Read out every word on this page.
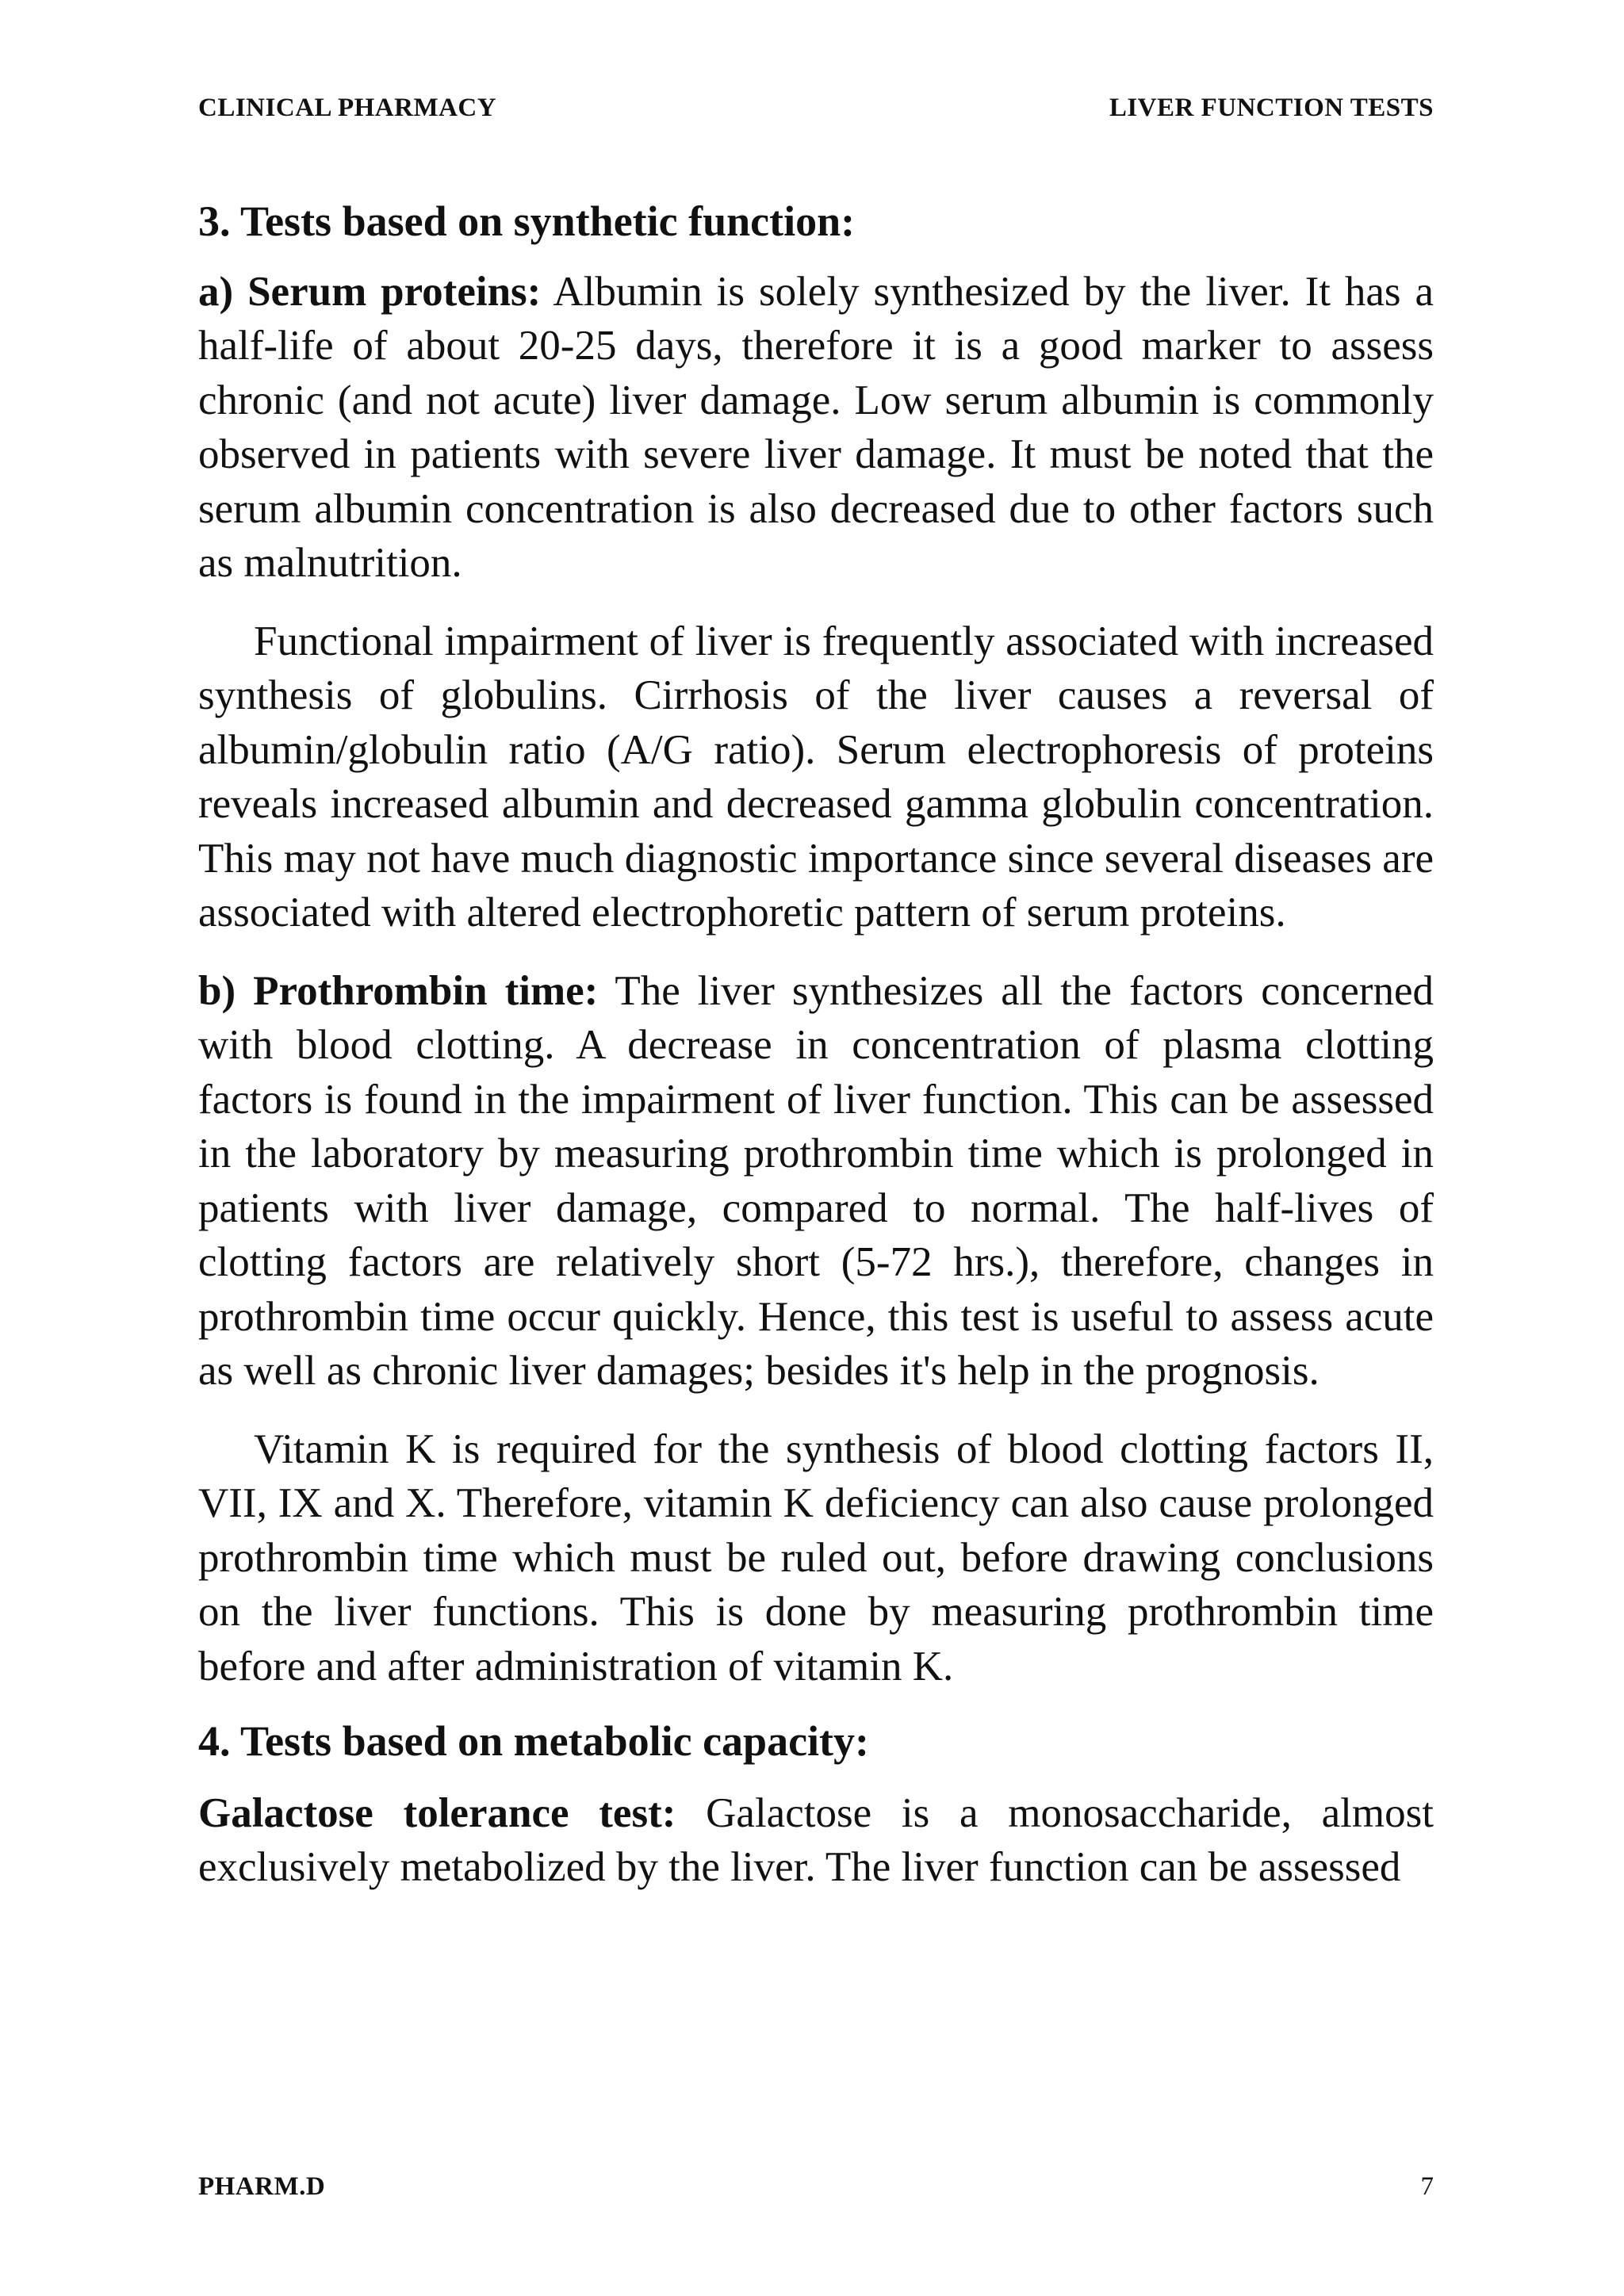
CLINICAL PHARMACY	LIVER FUNCTION TESTS
3. Tests based on synthetic function:

a) Serum proteins: Albumin is solely synthesized by the liver. It has a half-life of about 20-25 days, therefore it is a good marker to assess chronic (and not acute) liver damage. Low serum albumin is commonly observed in patients with severe liver damage. It must be noted that the serum albumin concentration is also decreased due to other factors such as malnutrition.

Functional impairment of liver is frequently associated with increased synthesis of globulins. Cirrhosis of the liver causes a reversal of albumin/globulin ratio (A/G ratio). Serum electrophoresis of proteins reveals increased albumin and decreased gamma globulin concentration. This may not have much diagnostic importance since several diseases are associated with altered electrophoretic pattern of serum proteins.

b) Prothrombin time: The liver synthesizes all the factors concerned with blood clotting. A decrease in concentration of plasma clotting factors is found in the impairment of liver function. This can be assessed in the laboratory by measuring prothrombin time which is prolonged in patients with liver damage, compared to normal. The half-lives of clotting factors are relatively short (5-72 hrs.), therefore, changes in prothrombin time occur quickly. Hence, this test is useful to assess acute as well as chronic liver damages; besides it's help in the prognosis.

Vitamin K is required for the synthesis of blood clotting factors II, VII, IX and X. Therefore, vitamin K deficiency can also cause prolonged prothrombin time which must be ruled out, before drawing conclusions on the liver functions. This is done by measuring prothrombin time before and after administration of vitamin K.

4. Tests based on metabolic capacity:

Galactose tolerance test: Galactose is a monosaccharide, almost exclusively metabolized by the liver. The liver function can be assessed

PHARM.D	7
